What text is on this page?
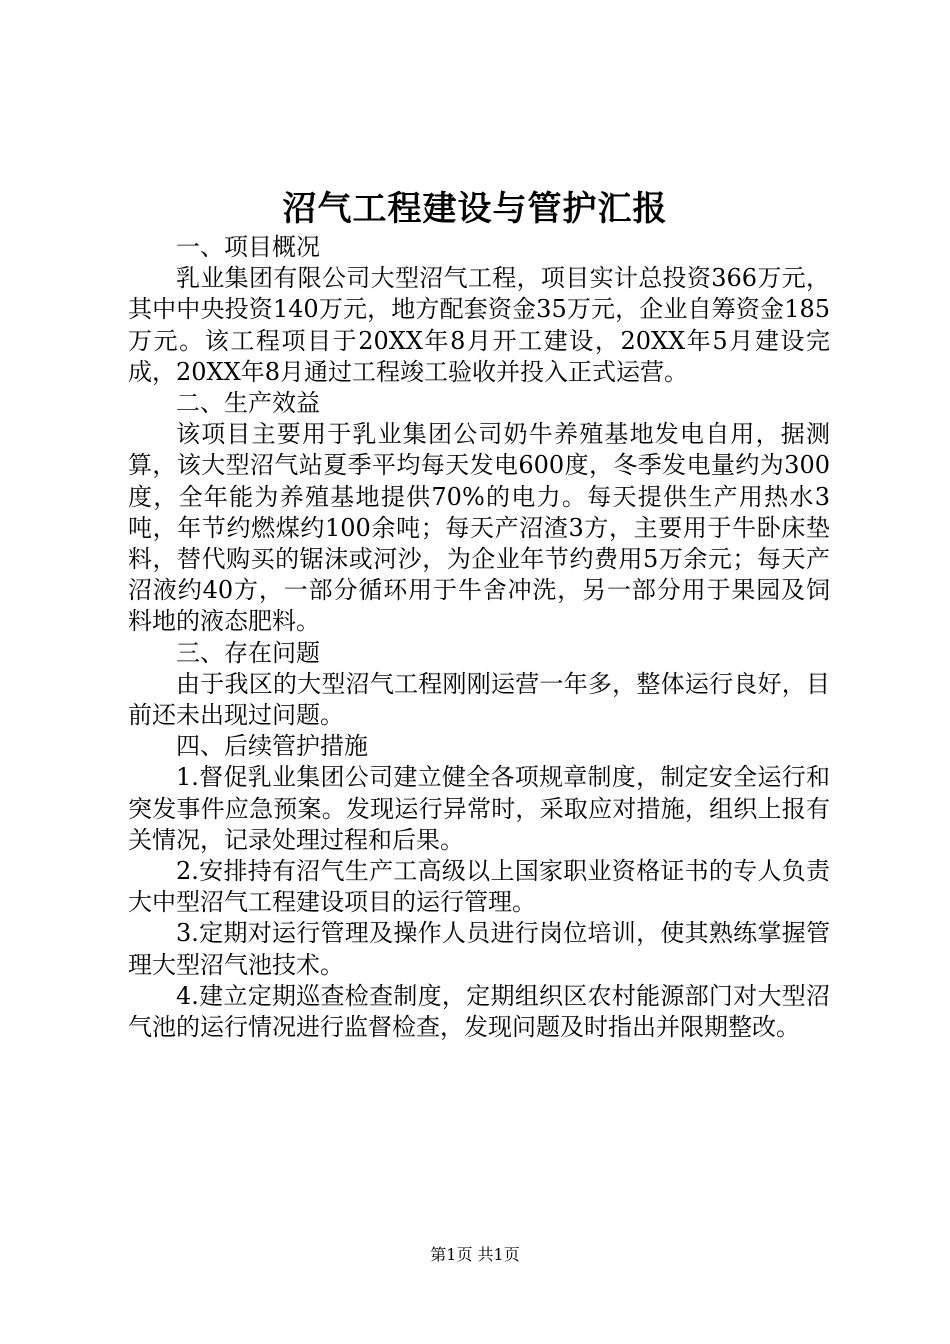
沼气工程建设与管护汇报

一、项目概况

乳业集团有限公司大型沼气工程，项目实计总投资366万元，其中中央投资140万元，地方配套资金35万元，企业自筹资金185万元。该工程项目于20XX年8月开工建设，20XX年5月建设完成，20XX年8月通过工程竣工验收并投入正式运营。

二、生产效益

该项目主要用于乳业集团公司奶牛养殖基地发电自用，据测算，该大型沼气站夏季平均每天发电600度，冬季发电量约为300度，全年能为养殖基地提供70%的电力。每天提供生产用热水3吨，年节约燃煤约100余吨；每天产沼渣3方，主要用于牛卧床垫料，替代购买的锯沫或河沙，为企业年节约费用5万余元；每天产沼液约40方，一部分循环用于牛舍冲洗，另一部分用于果园及饲料地的液态肥料。

三、存在问题

由于我区的大型沼气工程刚刚运营一年多，整体运行良好，目前还未出现过问题。

四、后续管护措施

1.督促乳业集团公司建立健全各项规章制度，制定安全运行和突发事件应急预案。发现运行异常时，采取应对措施，组织上报有关情况，记录处理过程和后果。

2.安排持有沼气生产工高级以上国家职业资格证书的专人负责大中型沼气工程建设项目的运行管理。

3.定期对运行管理及操作人员进行岗位培训，使其熟练掌握管理大型沼气池技术。

4.建立定期巡查检查制度，定期组织区农村能源部门对大型沼气池的运行情况进行监督检查，发现问题及时指出并限期整改。

第1页 共1页
